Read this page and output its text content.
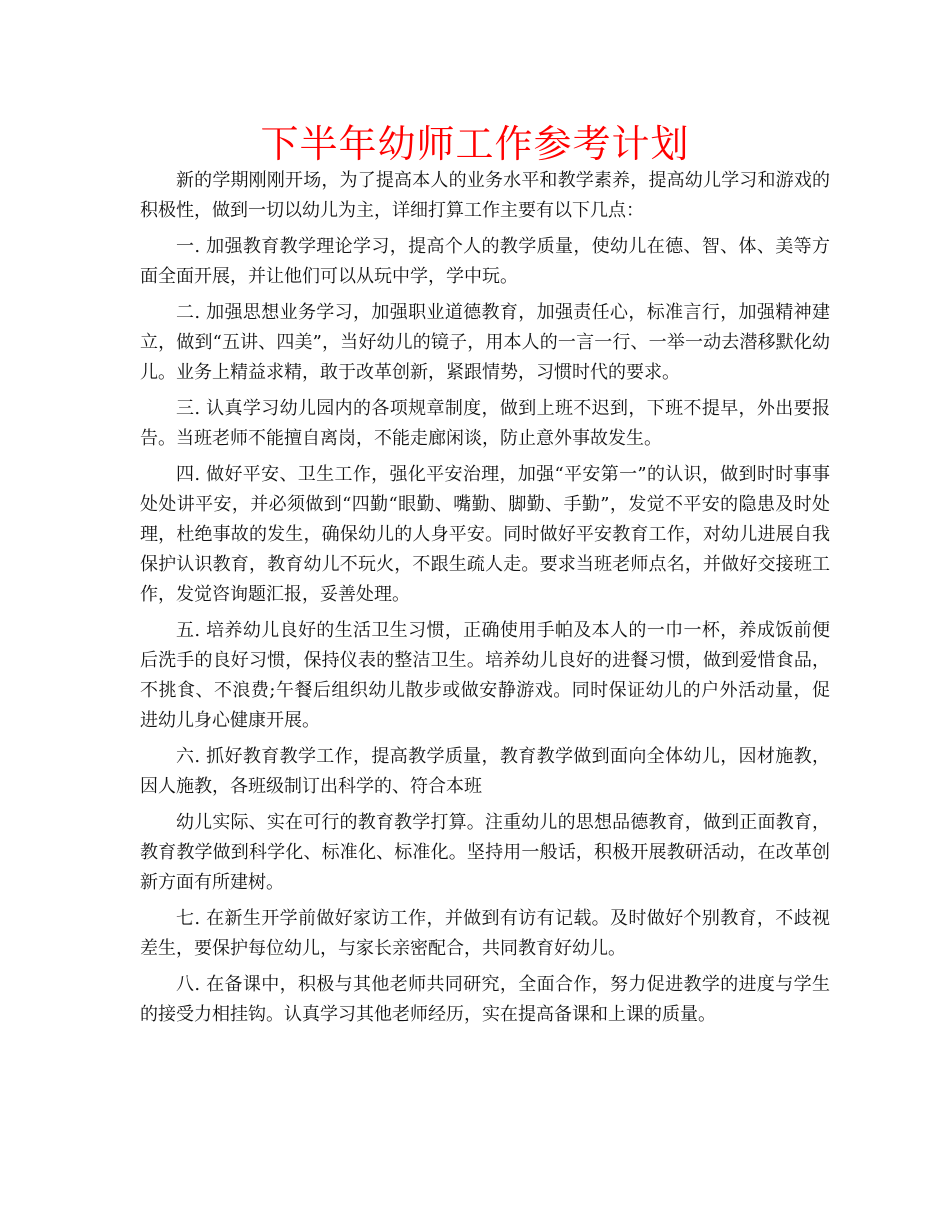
下半年幼师工作参考计划

新的学期刚刚开场，为了提高本人的业务水平和教学素养，提高幼儿学习和游戏的积极性，做到一切以幼儿为主，详细打算工作主要有以下几点：

一. 加强教育教学理论学习，提高个人的教学质量，使幼儿在德、智、体、美等方面全面开展，并让他们可以从玩中学，学中玩。

二. 加强思想业务学习，加强职业道德教育，加强责任心，标准言行，加强精神建立，做到“五讲、四美”，当好幼儿的镜子，用本人的一言一行、一举一动去潜移默化幼儿。业务上精益求精，敢于改革创新，紧跟情势，习惯时代的要求。

三. 认真学习幼儿园内的各项规章制度，做到上班不迟到，下班不提早，外出要报告。当班老师不能擅自离岗，不能走廊闲谈，防止意外事故发生。

四. 做好平安、卫生工作，强化平安治理，加强“平安第一”的认识，做到时时事事处处讲平安，并必须做到“四勤“眼勤、嘴勤、脚勤、手勤”，发觉不平安的隐患及时处理，杜绝事故的发生，确保幼儿的人身平安。同时做好平安教育工作，对幼儿进展自我保护认识教育，教育幼儿不玩火，不跟生疏人走。要求当班老师点名，并做好交接班工作，发觉咨询题汇报，妥善处理。

五. 培养幼儿良好的生活卫生习惯，正确使用手帕及本人的一巾一杯，养成饭前便后洗手的良好习惯，保持仪表的整洁卫生。培养幼儿良好的进餐习惯，做到爱惜食品，不挑食、不浪费;午餐后组织幼儿散步或做安静游戏。同时保证幼儿的户外活动量，促进幼儿身心健康开展。

六. 抓好教育教学工作，提高教学质量，教育教学做到面向全体幼儿，因材施教，因人施教，各班级制订出科学的、符合本班

幼儿实际、实在可行的教育教学打算。注重幼儿的思想品德教育，做到正面教育，教育教学做到科学化、标准化、标准化。坚持用一般话，积极开展教研活动，在改革创新方面有所建树。

七. 在新生开学前做好家访工作，并做到有访有记载。及时做好个别教育，不歧视差生，要保护每位幼儿，与家长亲密配合，共同教育好幼儿。

八. 在备课中，积极与其他老师共同研究，全面合作，努力促进教学的进度与学生的接受力相挂钩。认真学习其他老师经历，实在提高备课和上课的质量。
